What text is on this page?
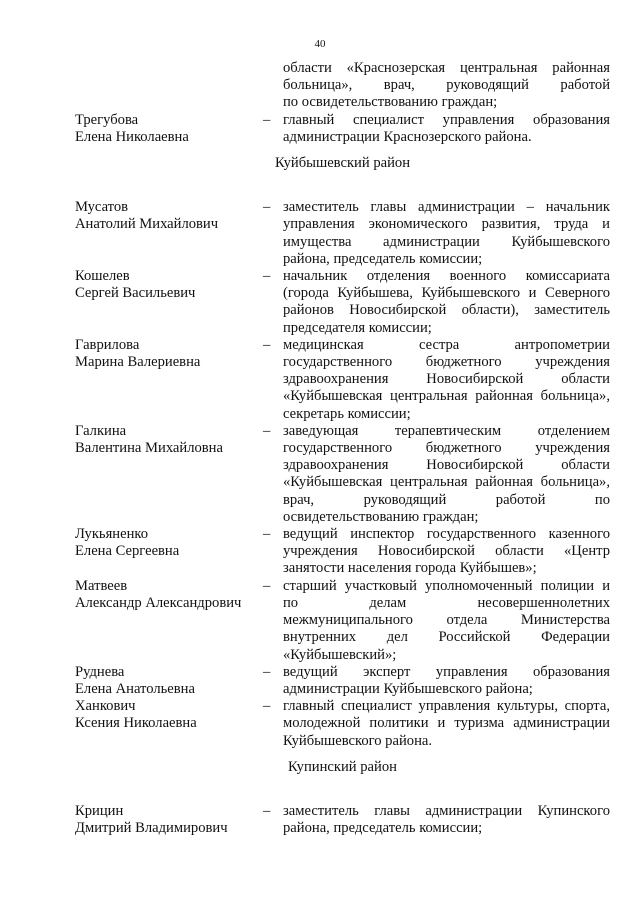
40
области «Краснозерская центральная районная
больница», врач, руководящий работой
по освидетельствованию граждан;
Трегубова
Елена Николаевна
– главный специалист управления образования
администрации Краснозерского района.
Куйбышевский район
Мусатов
Анатолий Михайлович
– заместитель главы администрации – начальник
управления экономического развития, труда и
имущества администрации Куйбышевского
района, председатель комиссии;
Кошелев
Сергей Васильевич
– начальник отделения военного комиссариата
(города Куйбышева, Куйбышевского и Северного
районов Новосибирской области), заместитель
председателя комиссии;
Гаврилова
Марина Валериевна
– медицинская сестра антропометрии
государственного бюджетного учреждения
здравоохранения Новосибирской области
«Куйбышевская центральная районная больница»,
секретарь комиссии;
Галкина
Валентина Михайловна
– заведующая терапевтическим отделением
государственного бюджетного учреждения
здравоохранения Новосибирской области
«Куйбышевская центральная районная больница»,
врач, руководящий работой по
освидетельствованию граждан;
Лукьяненко
Елена Сергеевна
– ведущий инспектор государственного казенного
учреждения Новосибирской области «Центр
занятости населения города Куйбышев»;
Матвеев
Александр Александрович
– старший участковый уполномоченный полиции и
по делам несовершеннолетних
межмуниципального отдела Министерства
внутренних дел Российской Федерации
«Куйбышевский»;
Руднева
Елена Анатольевна
– ведущий эксперт управления образования
администрации Куйбышевского района;
Ханкович
Ксения Николаевна
– главный специалист управления культуры, спорта,
молодежной политики и туризма администрации
Куйбышевского района.
Купинский район
Крицин
Дмитрий Владимирович
– заместитель главы администрации Купинского
района, председатель комиссии;
